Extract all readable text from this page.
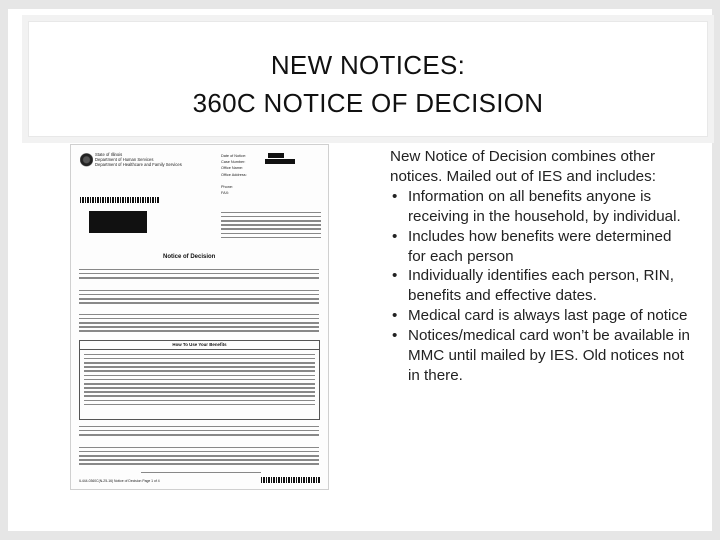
NEW NOTICES:
360C NOTICE OF DECISION
State of Illinois
Department of Human Services
Department of Healthcare and Family Services
Date of Notice:
Case Number:
Office Name:
Office Address:
Phone:
FAX:
Notice of Decision
How To Use Your Benefits
IL444-0360C(N-25-16) Notice of Decision Page 1 of 4
New Notice of Decision combines other notices. Mailed out of IES and includes:
• Information on all benefits anyone is receiving in the household, by individual.
• Includes how benefits were determined for each person
• Individually identifies each person, RIN, benefits and effective dates.
• Medical card is always last page of notice
• Notices/medical card won’t be available in MMC until mailed by IES. Old notices not in there.
